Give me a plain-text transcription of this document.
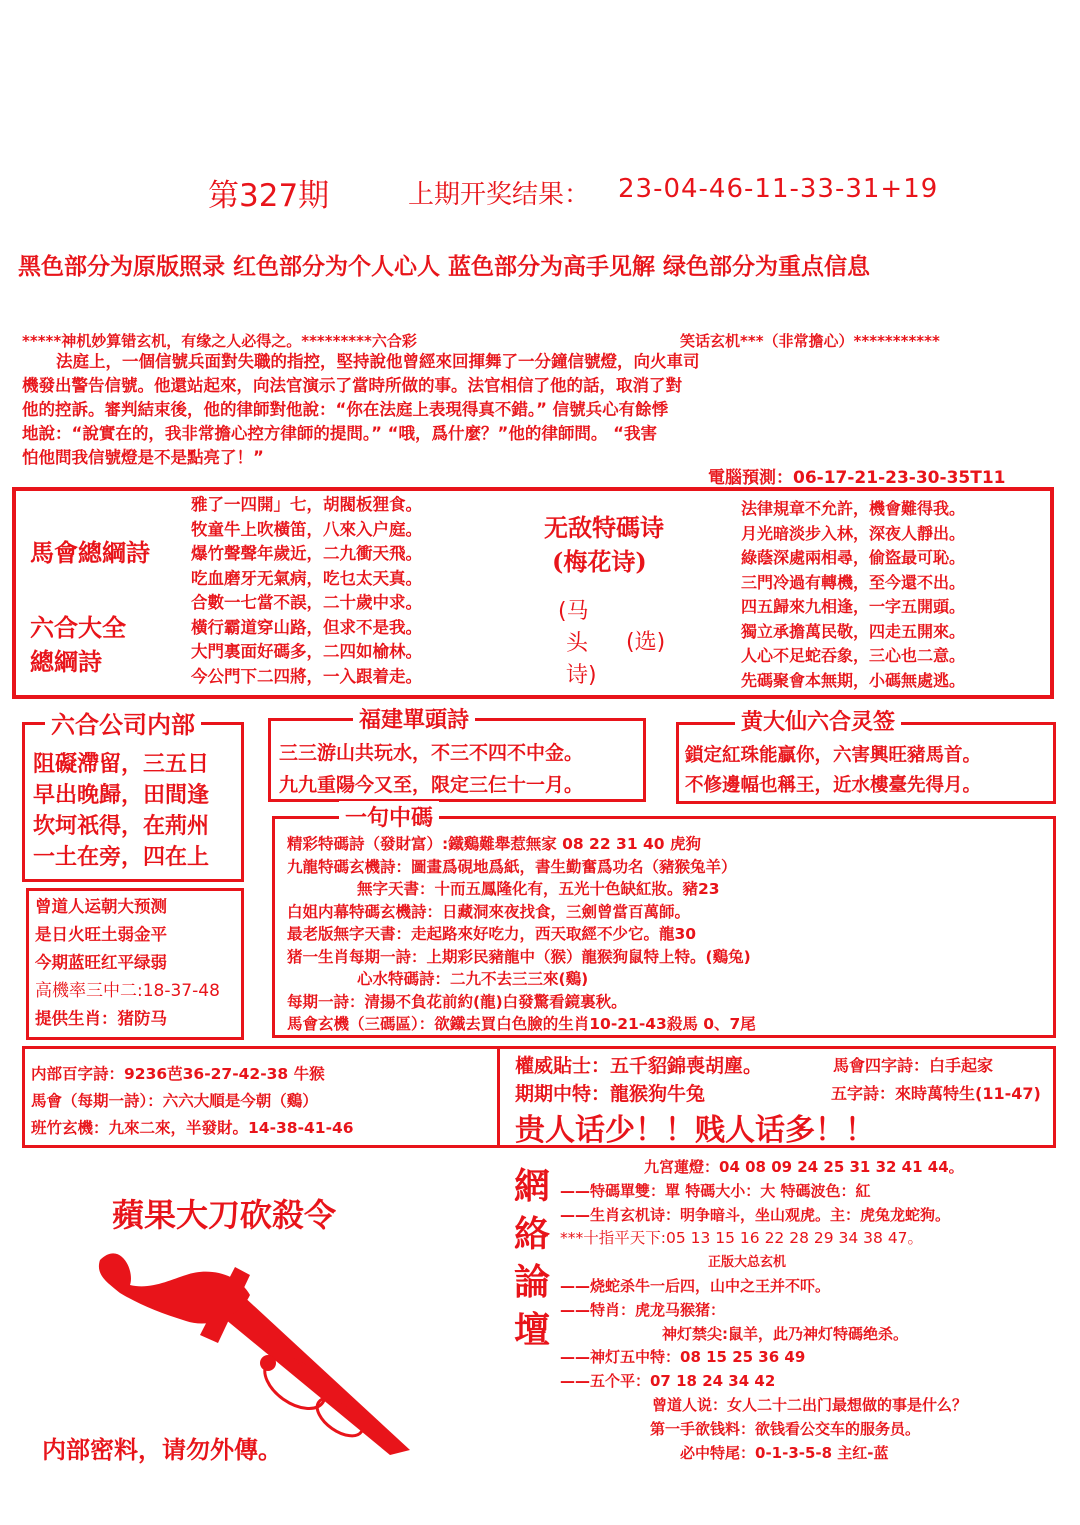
第327期	上期开奖结果： 23-04-46-11-33-31+19
黑色部分为原版照录 红色部分为个人心人 蓝色部分为高手见解 绿色部分为重点信息
*****神机妙算错玄机，有缘之人必得之。*********六合彩	笑话玄机***（非常擔心）***********
法庭上，一個信號兵面對失職的指控，堅持說他曾經來回揮舞了一分鐘信號燈，向火車司
機發出警告信號。他還站起來，向法官演示了當時所做的事。法官相信了他的話，取消了對
他的控訴。審判結束後，他的律師對他說：“你在法庭上表現得真不錯。” 信號兵心有餘悸
地說：“說實在的，我非常擔心控方律師的提問。” “哦，爲什麼？”他的律師問。 “我害
怕他問我信號燈是不是點亮了！”
電腦預測：06-17-21-23-30-35T11
馬會總綱詩
六合大全
總綱詩
雅了一四開」七，胡閥板狸食。
牧童牛上吹橫笛，八來入户庭。
爆竹聲聲年歲近，二九衝天飛。
吃血磨牙无氣病，吃乜太天真。
合數一七當不誤，二十歲中求。
橫行霸道穿山路，但求不是我。
大門裏面好碼多，二四如榆林。
今公門下二四將，一入跟着走。
无敌特碼诗
(梅花诗)
(马
头
诗)
(选)
法律規章不允許，機會難得我。
月光暗淡步入林，深夜人靜出。
綠蔭深處兩相尋，偷盜最可恥。
三門冷過有轉機，至今還不出。
四五歸來九相逢，一字五開頭。
獨立承擔萬民敬，四走五開來。
人心不足蛇吞象，三心也二意。
先碼聚會本無期，小碼無處逃。
六合公司内部
阻礙滯留，三五日
早出晚歸，田間逢
坎坷祇得，在荊州
一土在旁，四在上
福建單頭詩
三三游山共玩水，不三不四不中金。
九九重陽今又至，限定三仨十一月。
黄大仙六合灵签
鎖定紅珠能贏你，六害興旺豬馬首。
不修邊幅也稱王，近水樓臺先得月。
曾道人运朝大预测
是日火旺土弱金平
今期蓝旺红平绿弱
高機率三中二:18-37-48
提供生肖：猪防马
一句中碼
精彩特碼詩（發財富）:鐵鷄難舉惹無家 08 22 31 40 虎狗
九龍特碼玄機詩：圖畫爲硯地爲紙，書生勤奮爲功名（豬猴兔羊）
無字天書：十而五鳳隆化有，五光十色缺紅妝。豬23
白姐内幕特碼玄機詩：日藏洞來夜找食，三劍曾當百萬師。
最老版無字天書：走起路來好吃力，西天取經不少它。龍30
猪一生肖每期一詩：上期彩民豬龍中（猴）龍猴狗鼠特上特。(鷄兔)
心水特碼詩：二九不去三三來(鷄)
每期一詩：清揚不負花前約(龍)白發驚看鏡裏秋。
馬會玄機（三碼區）：欲鐵去買白色臉的生肖10-21-43殺馬 0、7尾
内部百字詩：9236芭36-27-42-38 牛猴
馬會（每期一詩）：六六大順是今朝（鷄）
班竹玄機：九來二來，半發財。14-38-41-46
權威貼士：五千貂錦喪胡塵。	馬會四字詩：白手起家
期期中特：龍猴狗牛兔	五字詩：來時萬特生(11-47)
贵人话少！！贱人话多！！
蘋果大刀砍殺令
内部密料，请勿外傳。
網
絡
論
壇
九宮蓮燈：04 08 09 24 25 31 32 41 44。
——特碼單雙：單 特碼大小：大 特碼波色：紅
——生肖玄机诗：明争暗斗，坐山观虎。主：虎兔龙蛇狗。
***十指平天下:05 13 15 16 22 28 29 34 38 47。
正版大总玄机
——烧蛇杀牛一后四，山中之王并不吓。
——特肖：虎龙马猴猪：
神灯禁尖:鼠羊，此乃神灯特碼绝杀。
——神灯五中特：08 15 25 36 49
——五个平：07 18 24 34 42
曾道人说：女人二十二出门最想做的事是什么？
第一手欲钱料：欲钱看公交车的服务员。
必中特尾：0-1-3-5-8 主红-蓝
